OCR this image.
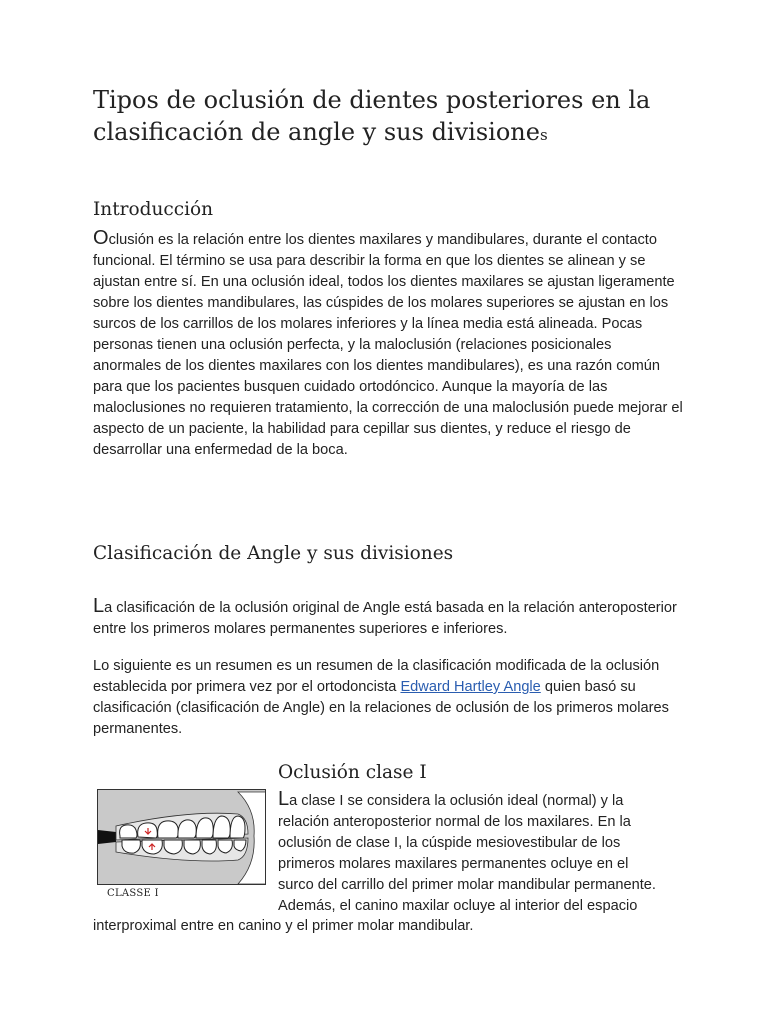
Tipos de oclusión de dientes posteriores en la clasificación de angle y sus divisiones
Introducción

Oclusión es la relación entre los dientes maxilares y mandibulares, durante el contacto funcional. El término se usa para describir la forma en que los dientes se alinean y se ajustan entre sí. En una oclusión ideal, todos los dientes maxilares se ajustan ligeramente sobre los dientes mandibulares, las cúspides de los molares superiores se ajustan en los surcos de los carrillos de los molares inferiores y la línea media está alineada. Pocas personas tienen una oclusión perfecta, y la maloclusión (relaciones posicionales anormales de los dientes maxilares con los dientes mandibulares), es una razón común para que los pacientes busquen cuidado ortodóncico. Aunque la mayoría de las maloclusiones no requieren tratamiento, la corrección de una maloclusión puede mejorar el aspecto de un paciente, la habilidad para cepillar sus dientes, y reduce el riesgo de desarrollar una enfermedad de la boca.

Clasificación de Angle y sus divisiones

La clasificación de la oclusión original de Angle está basada en la relación anteroposterior entre los primeros molares permanentes superiores e inferiores.

Lo siguiente es un resumen es un resumen de la clasificación modificada de la oclusión establecida por primera vez por el ortodoncista Edward Hartley Angle quien basó su clasificación (clasificación de Angle) en la relaciones de oclusión de los primeros molares permanentes.

Oclusión clase I
CLASSE I

La clase I se considera la oclusión ideal (normal) y la
relación anteroposterior normal de los maxilares. En la
oclusión de clase I, la cúspide mesiovestibular de los
primeros molares maxilares permanentes ocluye en el
surco del carrillo del primer molar mandibular permanente.
Además, el canino maxilar ocluye al interior del espacio

interproximal entre en canino y el primer molar mandibular.
